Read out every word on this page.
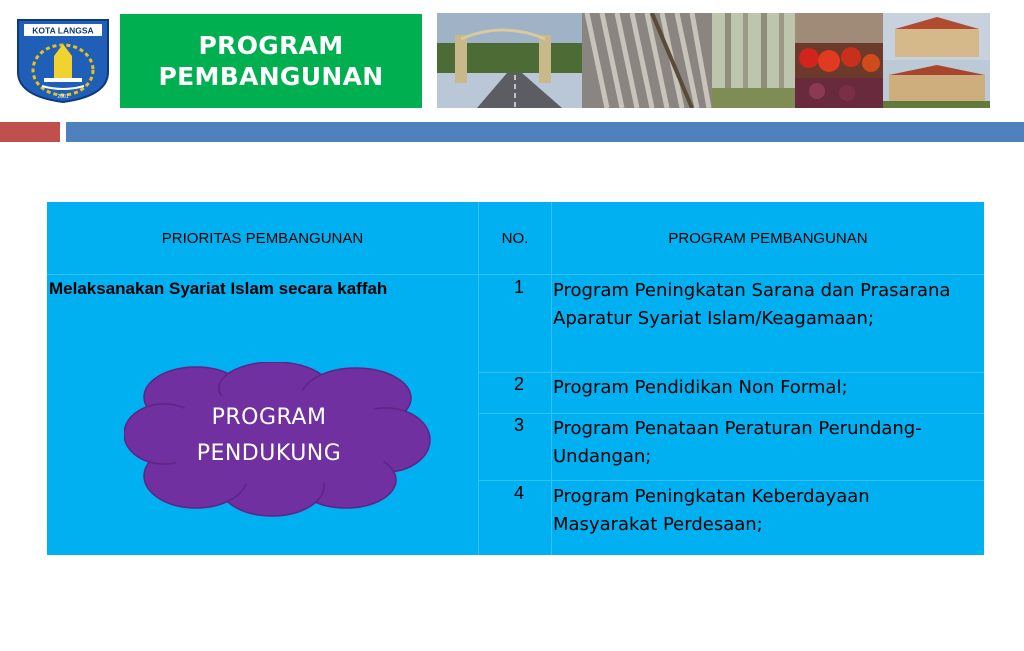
KOTA LANGSA
2001
PROGRAM
PEMBANGUNAN
PRIORITAS PEMBANGUNAN	NO.	PROGRAM PEMBANGUNAN
Melaksanakan Syariat Islam secara kaffah	1	Program Peningkatan Sarana dan Prasarana
Aparatur Syariat Islam/Keagamaan;
2	Program Pendidikan Non Formal;
3	Program Penataan Peraturan Perundang-
Undangan;
4	Program Peningkatan Keberdayaan
Masyarakat Perdesaan;
PROGRAM
PENDUKUNG
